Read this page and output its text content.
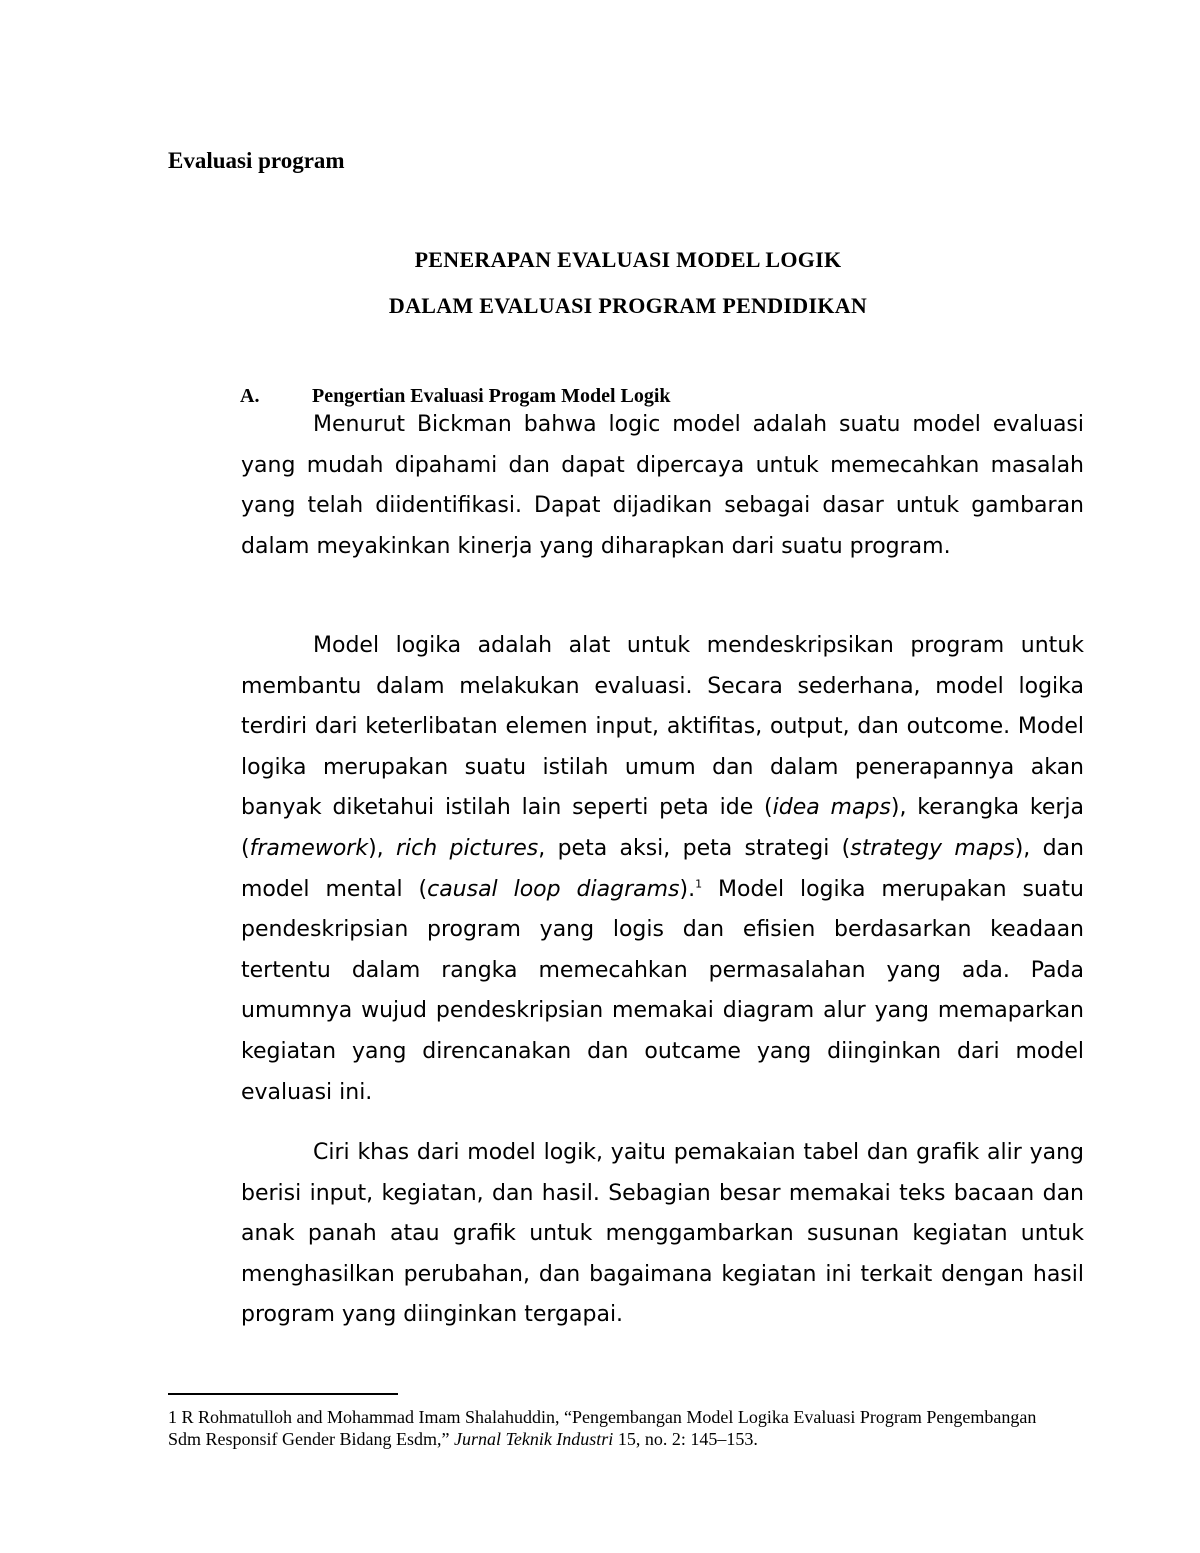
Evaluasi program
PENERAPAN EVALUASI MODEL LOGIK
DALAM EVALUASI PROGRAM PENDIDIKAN
A.	Pengertian Evaluasi Progam Model Logik

Menurut Bickman bahwa logic model adalah suatu model evaluasi yang mudah dipahami dan dapat dipercaya untuk memecahkan masalah yang telah diidentifikasi. Dapat dijadikan sebagai dasar untuk gambaran dalam meyakinkan kinerja yang diharapkan dari suatu program.

Model logika adalah alat untuk mendeskripsikan program untuk membantu dalam melakukan evaluasi. Secara sederhana, model logika terdiri dari keterlibatan elemen input, aktifitas, output, dan outcome. Model logika merupakan suatu istilah umum dan dalam penerapannya akan banyak diketahui istilah lain seperti peta ide (idea maps), kerangka kerja (framework), rich pictures, peta aksi, peta strategi (strategy maps), dan model mental (causal loop diagrams).$^1$ Model logika merupakan suatu pendeskripsian program yang logis dan efisien berdasarkan keadaan tertentu dalam rangka memecahkan permasalahan yang ada. Pada umumnya wujud pendeskripsian memakai diagram alur yang memaparkan kegiatan yang direncanakan dan outcame yang diinginkan dari model evaluasi ini.

Ciri khas dari model logik, yaitu pemakaian tabel dan grafik alir yang berisi input, kegiatan, dan hasil. Sebagian besar memakai teks bacaan dan anak panah atau grafik untuk menggambarkan susunan kegiatan untuk menghasilkan perubahan, dan bagaimana kegiatan ini terkait dengan hasil program yang diinginkan tergapai.

1 R Rohmatulloh and Mohammad Imam Shalahuddin, “Pengembangan Model Logika Evaluasi Program Pengembangan Sdm Responsif Gender Bidang Esdm,” Jurnal Teknik Industri 15, no. 2: 145–153.
